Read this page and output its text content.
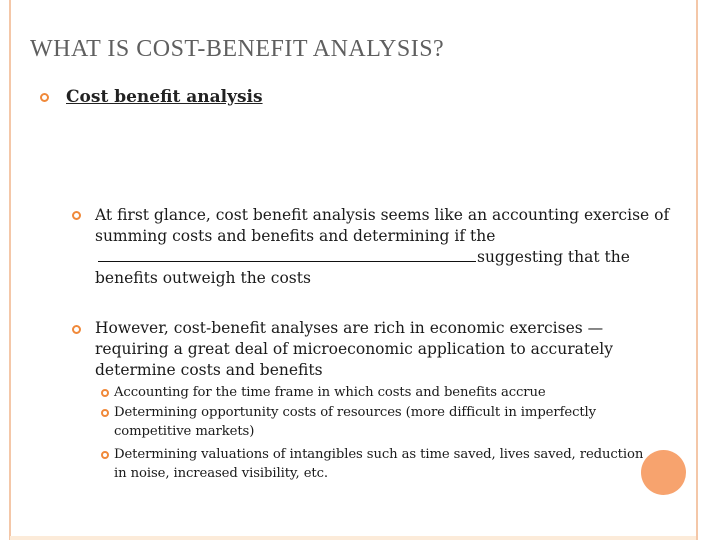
WHAT IS COST-BENEFIT ANALYSIS?
Cost benefit analysis

At first glance, cost benefit analysis seems like an accounting exercise of summing costs and benefits and determining if thesuggesting that the benefits outweigh the costs

However, cost-benefit analyses are rich in economic exercises —requiring a great deal of microeconomic application to accurately determine costs and benefits

Accounting for the time frame in which costs and benefits accrue

Determining opportunity costs of resources (more difficult in imperfectly competitive markets)

Determining valuations of intangibles such as time saved, lives saved, reduction in noise, increased visibility, etc.
